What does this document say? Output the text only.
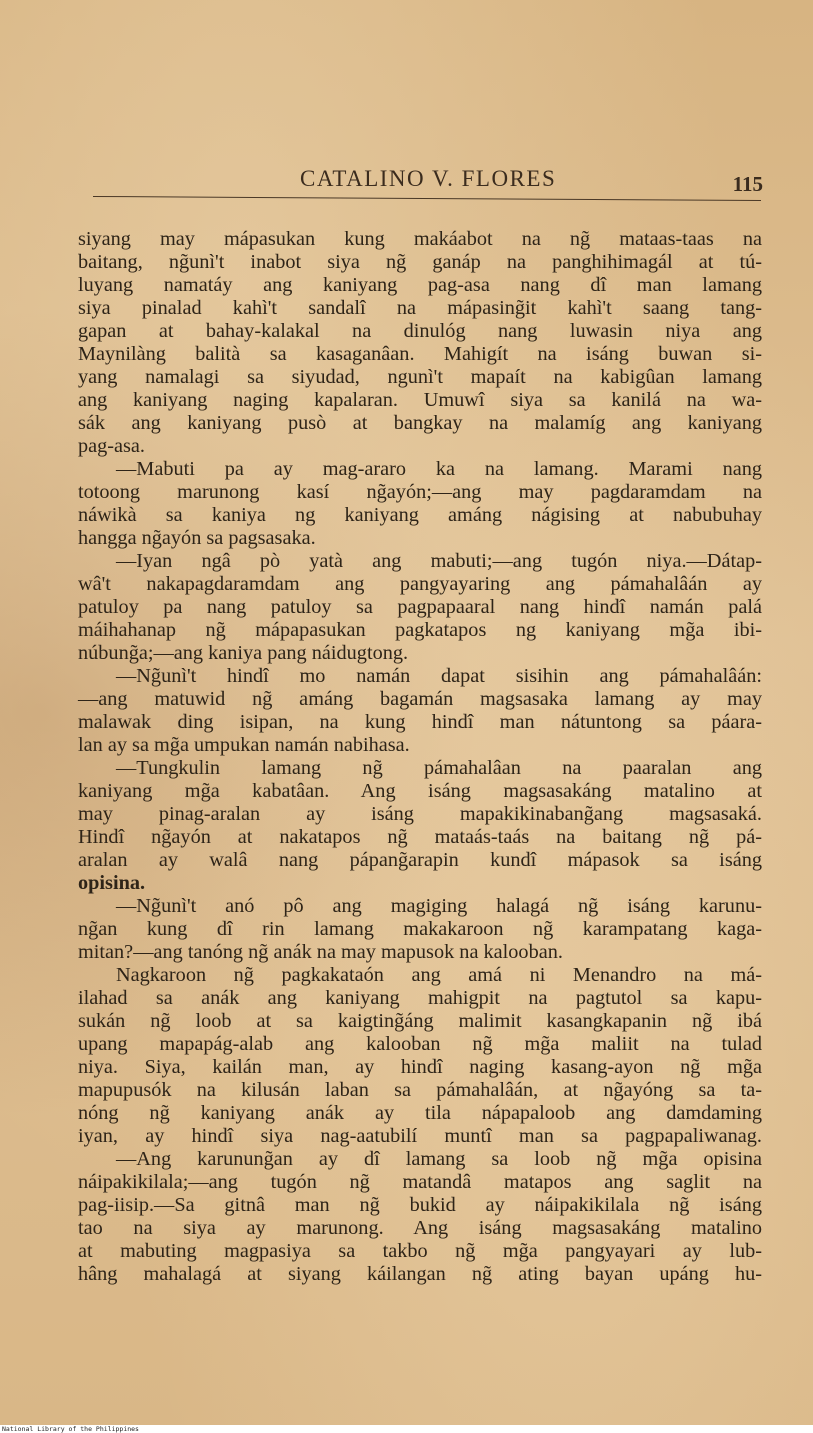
CATALINO V. FLORES	115
siyang may mápasukan kung makáabot na ng̃ mataas-taas na
baitang, ng̃unì't inabot siya ng̃ ganáp na panghihimagál at tú-
luyang namatáy ang kaniyang pag-asa nang dî man lamang
siya pinalad kahì't sandalî na mápasing̃it kahì't saang tang-
gapan at bahay-kalakal na dinulóg nang luwasin niya ang
Maynilàng balità sa kasaganâan. Mahigít na isáng buwan si-
yang namalagi sa siyudad, ngunì't mapaít na kabigûan lamang
ang kaniyang naging kapalaran. Umuwî siya sa kanilá na wa-
sák ang kaniyang pusò at bangkay na malamíg ang kaniyang
pag-asa.
—Mabuti pa ay mag-araro ka na lamang. Marami nang
totoong marunong kasí ng̃ayón;—ang may pagdaramdam na
náwikà sa kaniya ng kaniyang amáng nágising at nabubuhay
hangga ng̃ayón sa pagsasaka.
—Iyan ngâ pò yatà ang mabuti;—ang tugón niya.—Dátap-
wâ't nakapagdaramdam ang pangyayaring ang pámahalâán ay
patuloy pa nang patuloy sa pagpapaaral nang hindî namán palá
máihahanap ng̃ mápapasukan pagkatapos ng kaniyang mg̃a ibi-
núbung̃a;—ang kaniya pang náidugtong.
—Ng̃unì't hindî mo namán dapat sisihin ang pámahalâán:
—ang matuwid ng̃ amáng bagamán magsasaka lamang ay may
malawak ding isipan, na kung hindî man nátuntong sa páara-
lan ay sa mg̃a umpukan namán nabihasa.
—Tungkulin lamang ng̃ pámahalâan na paaralan ang
kaniyang mg̃a kabatâan. Ang isáng magsasakáng matalino at
may pinag-aralan ay isáng mapakikinabang̃ang magsasaká.
Hindî ng̃ayón at nakatapos ng̃ mataás-taás na baitang ng̃ pá-
aralan ay walâ nang pápang̃arapin kundî mápasok sa isáng
opisina.
—Ng̃unì't anó pô ang magiging halagá ng̃ isáng karunu-
ng̃an kung dî rin lamang makakaroon ng̃ karampatang kaga-
mitan?—ang tanóng ng̃ anák na may mapusok na kalooban.
Nagkaroon ng̃ pagkakataón ang amá ni Menandro na má-
ilahad sa anák ang kaniyang mahigpit na pagtutol sa kapu-
sukán ng̃ loob at sa kaigting̃áng malimit kasangkapanin ng̃ ibá
upang mapapág-alab ang kalooban ng̃ mg̃a maliit na tulad
niya. Siya, kailán man, ay hindî naging kasang-ayon ng̃ mg̃a
mapupusók na kilusán laban sa pámahalâán, at ng̃ayóng sa ta-
nóng ng̃ kaniyang anák ay tila nápapaloob ang damdaming
iyan, ay hindî siya nag-aatubilí muntî man sa pagpapaliwanag.
—Ang karunung̃an ay dî lamang sa loob ng̃ mg̃a opisina
náipakikilala;—ang tugón ng̃ matandâ matapos ang saglit na
pag-iisip.—Sa gitnâ man ng̃ bukid ay náipakikilala ng̃ isáng
tao na siya ay marunong. Ang isáng magsasakáng matalino
at mabuting magpasiya sa takbo ng̃ mg̃a pangyayari ay lub-
hâng mahalagá at siyang káilangan ng̃ ating bayan upáng hu-
National Library of the Philippines
